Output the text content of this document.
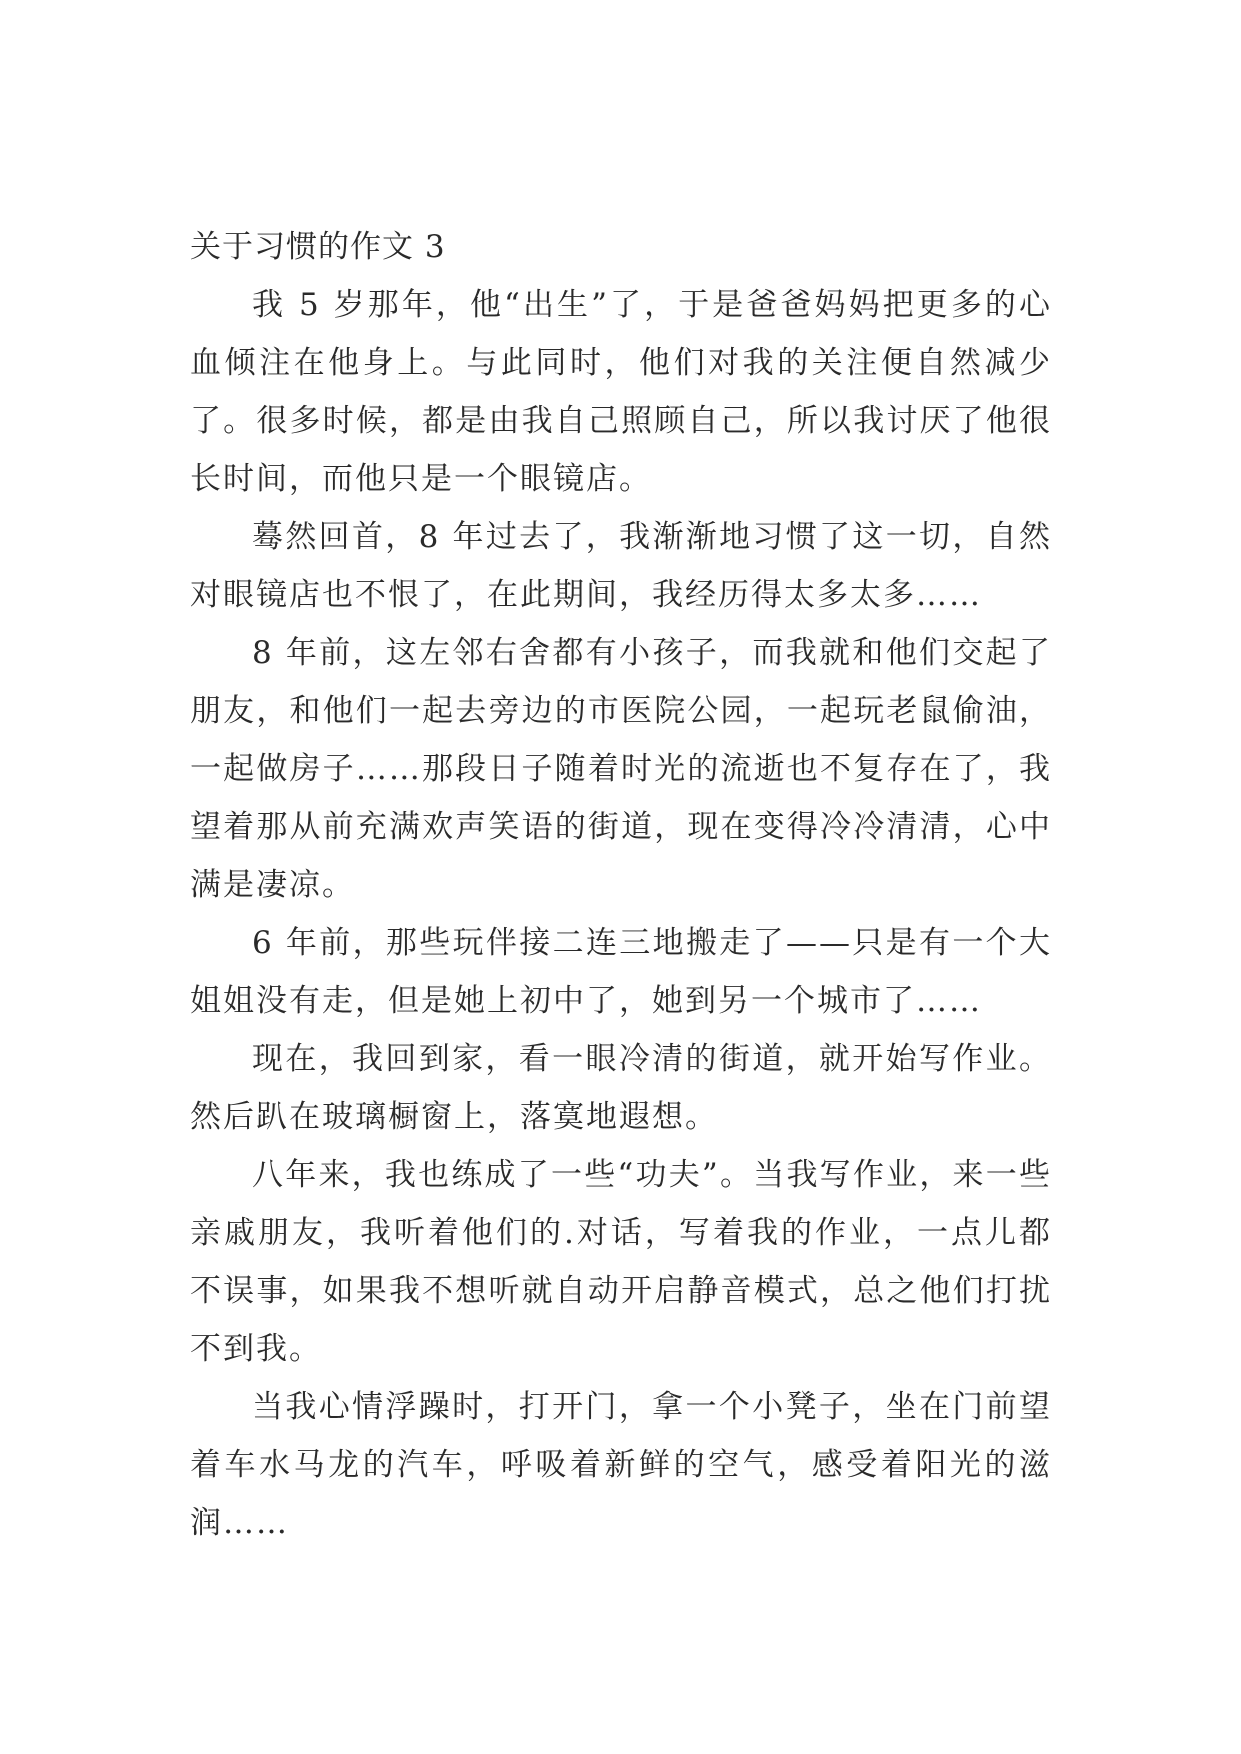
关于习惯的作文 3

我 5 岁那年，他“出生”了，于是爸爸妈妈把更多的心血倾注在他身上。与此同时，他们对我的关注便自然减少了。很多时候，都是由我自己照顾自己，所以我讨厌了他很长时间，而他只是一个眼镜店。

蓦然回首，8 年过去了，我渐渐地习惯了这一切，自然对眼镜店也不恨了，在此期间，我经历得太多太多……

8 年前，这左邻右舍都有小孩子，而我就和他们交起了朋友，和他们一起去旁边的市医院公园，一起玩老鼠偷油，一起做房子……那段日子随着时光的流逝也不复存在了，我望着那从前充满欢声笑语的街道，现在变得冷冷清清，心中满是凄凉。

6 年前，那些玩伴接二连三地搬走了——只是有一个大姐姐没有走，但是她上初中了，她到另一个城市了……

现在，我回到家，看一眼冷清的街道，就开始写作业。然后趴在玻璃橱窗上，落寞地遐想。

八年来，我也练成了一些“功夫”。当我写作业，来一些亲戚朋友，我听着他们的.对话，写着我的作业，一点儿都不误事，如果我不想听就自动开启静音模式，总之他们打扰不到我。

当我心情浮躁时，打开门，拿一个小凳子，坐在门前望着车水马龙的汽车，呼吸着新鲜的空气，感受着阳光的滋润……
